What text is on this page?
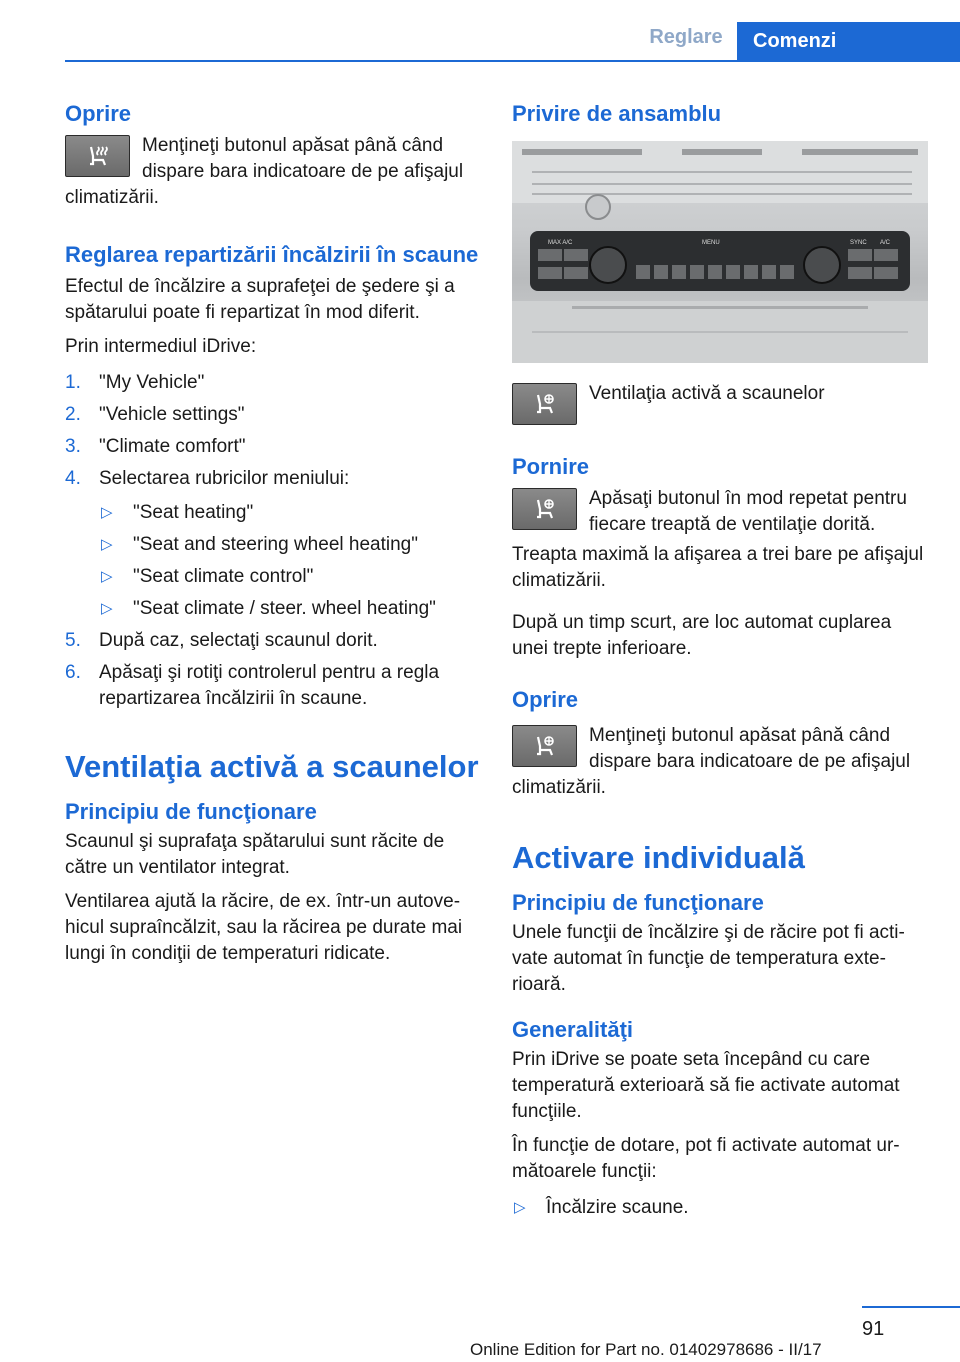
Reglare	Comenzi
Oprire

Menţineţi butonul apăsat până când dispare bara indicatoare de pe afişajul climatizării.

Reglarea repartizării încălzirii în scaune

Efectul de încălzire a suprafeţei de şedere şi a spătarului poate fi repartizat în mod diferit.

Prin intermediul iDrive:

1. "My Vehicle"
2. "Vehicle settings"
3. "Climate comfort"
4. Selectarea rubricilor meniului:
▷ "Seat heating"
▷ "Seat and steering wheel heating"
▷ "Seat climate control"
▷ "Seat climate / steer. wheel heating"
5. După caz, selectaţi scaunul dorit.
6. Apăsaţi şi rotiţi controlerul pentru a regla repartizarea încălzirii în scaune.
Ventilaţia activă a scaunelor
Principiu de funcţionare

Scaunul şi suprafaţa spătarului sunt răcite de către un ventilator integrat.

Ventilarea ajută la răcire, de ex. într-un autovehicul supraîncălzit, sau la răcirea pe durate mai lungi în condiţii de temperaturi ridicate.

Privire de ansamblu
MAX A/C	A/C
SYNC
MENU

Ventilaţia activă a scaunelor

Pornire

Apăsaţi butonul în mod repetat pentru fiecare treaptă de ventilaţie dorită.

Treapta maximă la afişarea a trei bare pe afişajul climatizării.

După un timp scurt, are loc automat cuplarea unei trepte inferioare.

Oprire

Menţineţi butonul apăsat până când dispare bara indicatoare de pe afişajul climatizării.

Activare individuală
Principiu de funcţionare

Unele funcţii de încălzire şi de răcire pot fi activate automat în funcţie de temperatura exterioară.

Generalităţi

Prin iDrive se poate seta începând cu care temperatură exterioară să fie activate automat funcţiile.

În funcţie de dotare, pot fi activate automat următoarele funcţii:

▷ Încălzire scaune.
91
Online Edition for Part no. 01402978686 - II/17
